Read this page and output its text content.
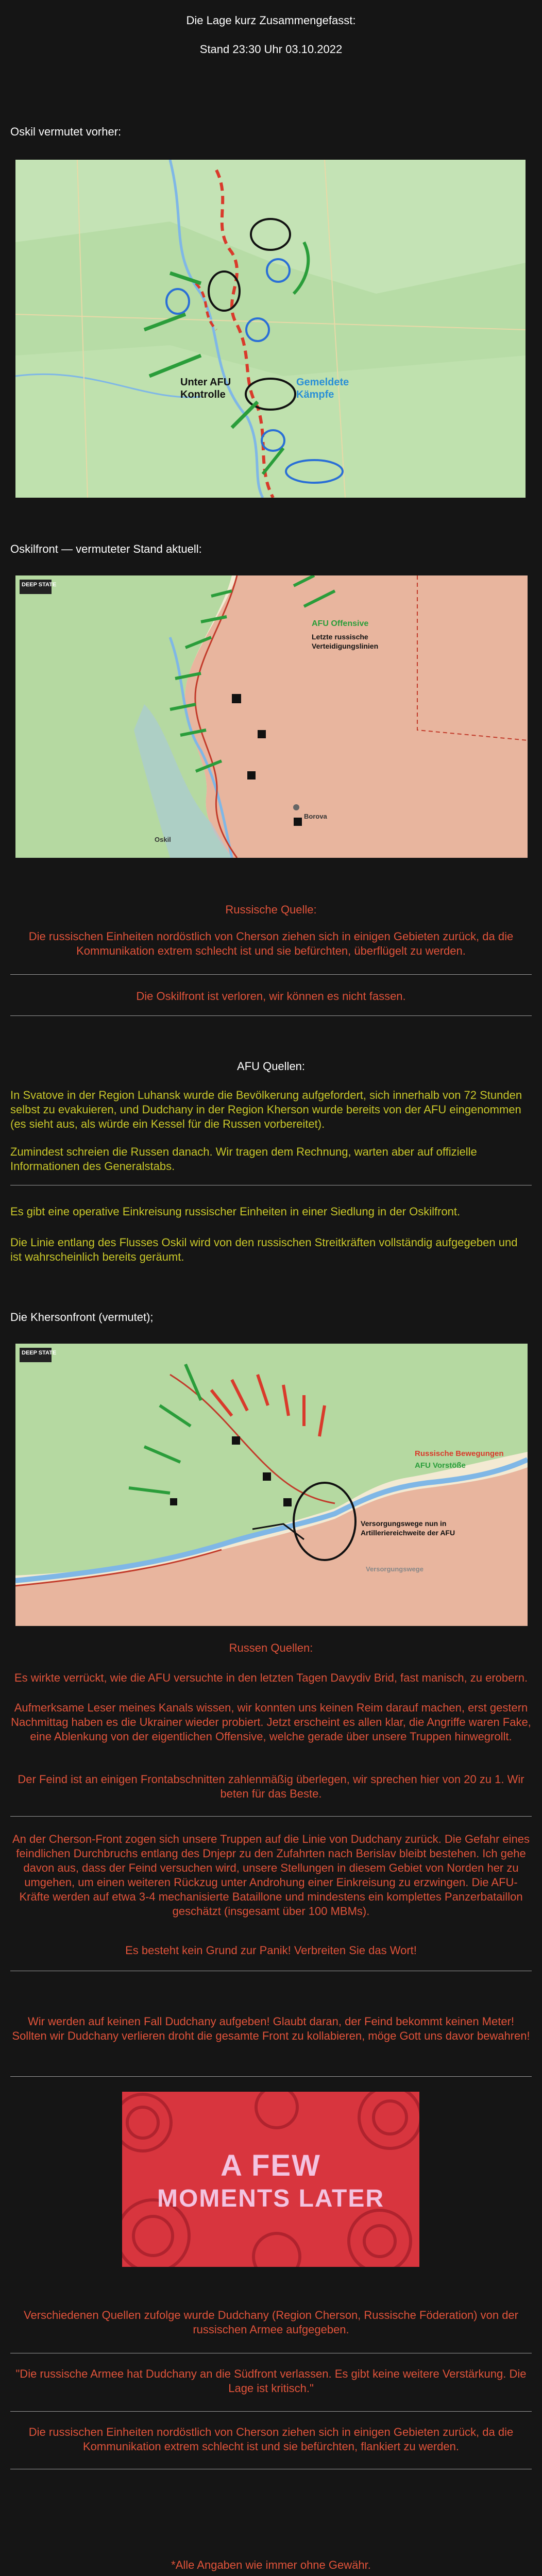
Die Lage kurz Zusammengefasst:
Stand 23:30 Uhr 03.10.2022
Oskil vermutet vorher:
Unter AFU Kontrolle
Gemeldete Kämpfe
Oskilfront — vermuteter Stand aktuell:
DEEP STATE
AFU Offensive
Letzte russische Verteidigungslinien
Borova
Oskil
Russische Quelle:
Die russischen Einheiten nordöstlich von Cherson ziehen sich in einigen Gebieten zurück, da die Kommunikation extrem schlecht ist und sie befürchten, überflügelt zu werden.
Die Oskilfront ist verloren, wir können es nicht fassen.
AFU Quellen:
In Svatove in der Region Luhansk wurde die Bevölkerung aufgefordert, sich innerhalb von 72 Stunden selbst zu evakuieren, und Dudchany in der Region Kherson wurde bereits von der AFU eingenommen (es sieht aus, als würde ein Kessel für die Russen vorbereitet).
Zumindest schreien die Russen danach. Wir tragen dem Rechnung, warten aber auf offizielle Informationen des Generalstabs.
Es gibt eine operative Einkreisung russischer Einheiten in einer Siedlung in der Oskilfront.
Die Linie entlang des Flusses Oskil wird von den russischen Streitkräften vollständig aufgegeben und ist wahrscheinlich bereits geräumt.
Die Khersonfront (vermutet);
DEEP STATE
Russische Bewegungen
AFU Vorstöße
Versorgungswege nun in Artilleriereichweite der AFU
Versorgungswege
Russen Quellen:
Es wirkte verrückt, wie die AFU versuchte in den letzten Tagen Davydiv Brid, fast manisch, zu erobern.
Aufmerksame Leser meines Kanals wissen, wir konnten uns keinen Reim darauf machen, erst gestern Nachmittag haben es die Ukrainer wieder probiert. Jetzt erscheint es allen klar, die Angriffe waren Fake, eine Ablenkung von der eigentlichen Offensive, welche gerade über unsere Truppen hinwegrollt.
Der Feind ist an einigen Frontabschnitten zahlenmäßig überlegen, wir sprechen hier von 20 zu 1. Wir beten für das Beste.
An der Cherson-Front zogen sich unsere Truppen auf die Linie von Dudchany zurück. Die Gefahr eines feindlichen Durchbruchs entlang des Dnjepr zu den Zufahrten nach Berislav bleibt bestehen. Ich gehe davon aus, dass der Feind versuchen wird, unsere Stellungen in diesem Gebiet von Norden her zu umgehen, um einen weiteren Rückzug unter Androhung einer Einkreisung zu erzwingen. Die AFU-Kräfte werden auf etwa 3-4 mechanisierte Bataillone und mindestens ein komplettes Panzerbataillon geschätzt (insgesamt über 100 MBMs).
Es besteht kein Grund zur Panik! Verbreiten Sie das Wort!
Wir werden auf keinen Fall Dudchany aufgeben! Glaubt daran, der Feind bekommt keinen Meter! Sollten wir Dudchany verlieren droht die gesamte Front zu kollabieren, möge Gott uns davor bewahren!
A FEW
MOMENTS LATER
Verschiedenen Quellen zufolge wurde Dudchany (Region Cherson, Russische Föderation) von der russischen Armee aufgegeben.
"Die russische Armee hat Dudchany an die Südfront verlassen. Es gibt keine weitere Verstärkung. Die Lage ist kritisch."
Die russischen Einheiten nordöstlich von Cherson ziehen sich in einigen Gebieten zurück, da die Kommunikation extrem schlecht ist und sie befürchten, flankiert zu werden.
*Alle Angaben wie immer ohne Gewähr.
